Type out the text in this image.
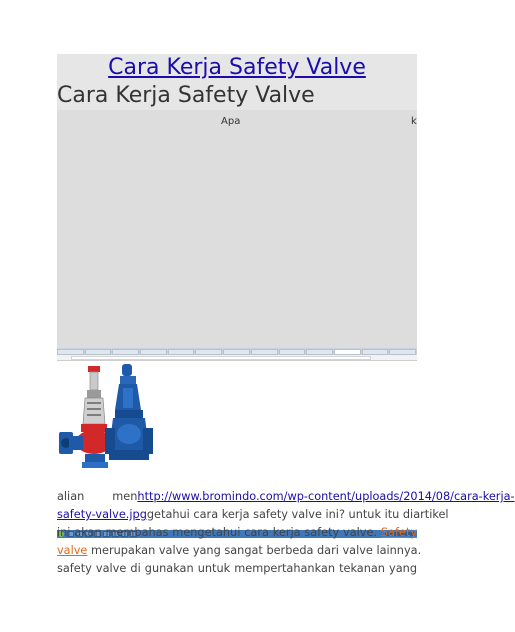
Cara Kerja Safety Valve
Cara Kerja Safety Valve
Apa	k
alian menhttp://www.bromindo.com/wp-content/uploads/2014/08/cara-kerja-
safety-valve.jpggetahui cara kerja safety valve ini? untuk itu diartikel
ini akan membahas mengetahui cara kerja safety valve. Safety
valve merupakan valve yang sangat berbeda dari valve lainnya.
safety valve di gunakan untuk mempertahankan tekanan yang
